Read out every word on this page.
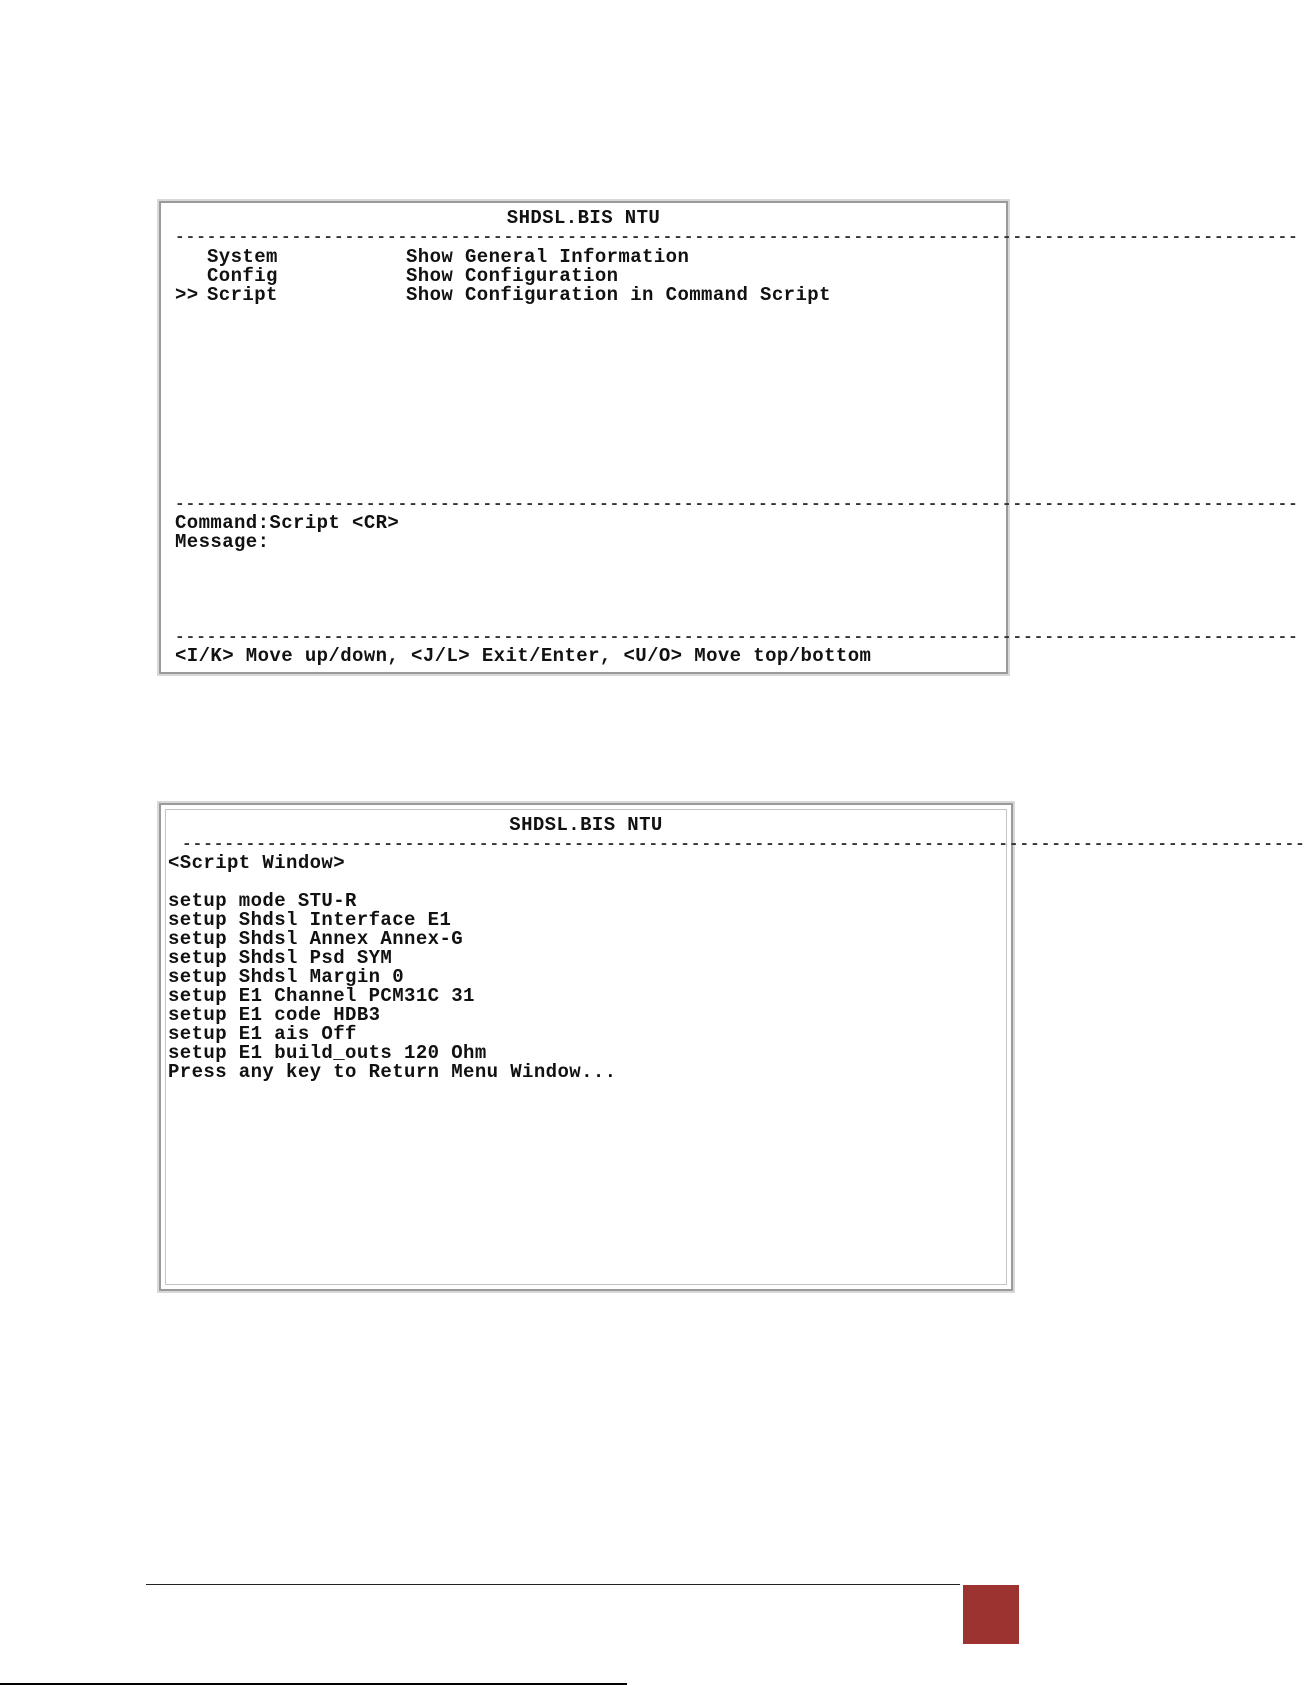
SHDSL.BIS NTU
----------------------------------------------------------------------------------------------------------
System	Show General Information
Config	Show Configuration
>> Script	Show Configuration in Command Script
----------------------------------------------------------------------------------------------------------
Command:Script <CR>
Message:
----------------------------------------------------------------------------------------------------------
<I/K> Move up/down, <J/L> Exit/Enter, <U/O> Move top/bottom
SHDSL.BIS NTU
----------------------------------------------------------------------------------------------------------
<Script Window>
setup mode STU-R
setup Shdsl Interface E1
setup Shdsl Annex Annex-G
setup Shdsl Psd SYM
setup Shdsl Margin 0
setup E1 Channel PCM31C 31
setup E1 code HDB3
setup E1 ais Off
setup E1 build_outs 120 Ohm
Press any key to Return Menu Window...
